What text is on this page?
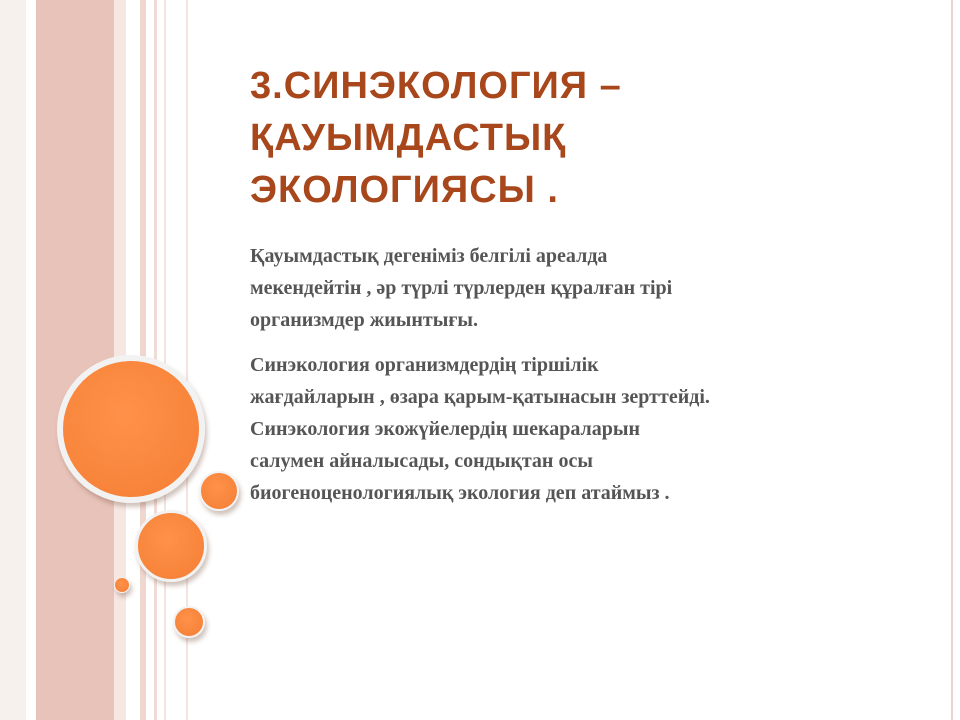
3.СИНЭКОЛОГИЯ –
ҚАУЫМДАСТЫҚ
ЭКОЛОГИЯСЫ .

Қауымдастық дегеніміз белгілі ареалда
мекендейтін , әр түрлі түрлерден құралған тірі
организмдер жиынтығы.

Синэкология организмдердің тіршілік
жағдайларын , өзара қарым-қатынасын зерттейді.
Синэкология экожүйелердің шекараларын
салумен айналысады, сондықтан осы
биогеноценологиялық экология деп атаймыз .
